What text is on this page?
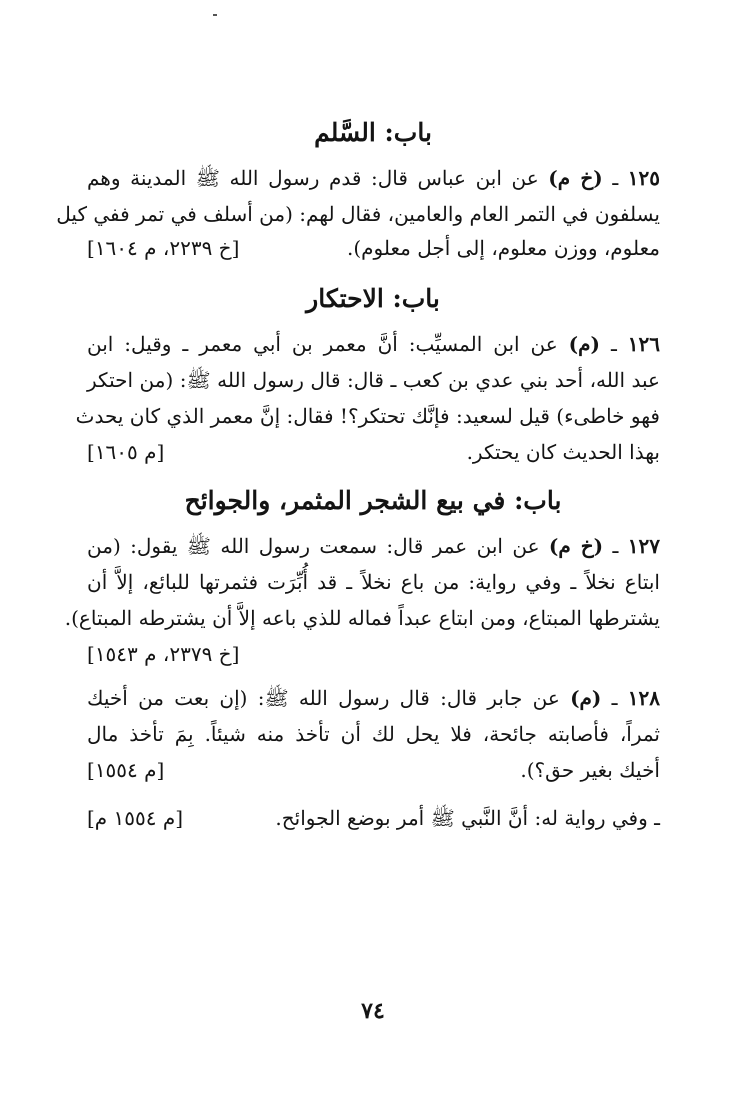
باب: السَّلم
١٢٥ ـ (خ م) عن ابن عباس قال: قدم رسول الله ﷺ المدينة وهم
يسلفون في التمر العام والعامين، فقال لهم: (من أسلف في تمر ففي كيل
معلوم، ووزن معلوم، إلى أجل معلوم).
[خ ٢٢٣٩، م ١٦٠٤]
باب: الاحتكار
١٢٦ ـ (م) عن ابن المسيِّب: أنَّ معمر بن أبي معمر ـ وقيل: ابن
عبد الله، أحد بني عدي بن كعب ـ قال: قال رسول الله ﷺ: (من احتكر
فهو خاطىء) قيل لسعيد: فإنَّك تحتكر؟! فقال: إنَّ معمر الذي كان يحدث
بهذا الحديث كان يحتكر.
[م ١٦٠٥]
باب: في بيع الشجر المثمر، والجوائح
١٢٧ ـ (خ م) عن ابن عمر قال: سمعت رسول الله ﷺ يقول: (من
ابتاع نخلاً ـ وفي رواية: من باع نخلاً ـ قد أُبِّرَت فثمرتها للبائع، إلاَّ أن
يشترطها المبتاع، ومن ابتاع عبداً فماله للذي باعه إلاَّ أن يشترطه المبتاع).
[خ ٢٣٧٩، م ١٥٤٣]
١٢٨ ـ (م) عن جابر قال: قال رسول الله ﷺ: (إن بعت من أخيك
ثمراً، فأصابته جائحة، فلا يحل لك أن تأخذ منه شيئاً. بِمَ تأخذ مال
أخيك بغير حق؟).
[م ١٥٥٤]
ـ وفي رواية له: أنَّ النَّبي ﷺ أمر بوضع الجوائح.
[م ١٥٥٤ م]
٧٤
